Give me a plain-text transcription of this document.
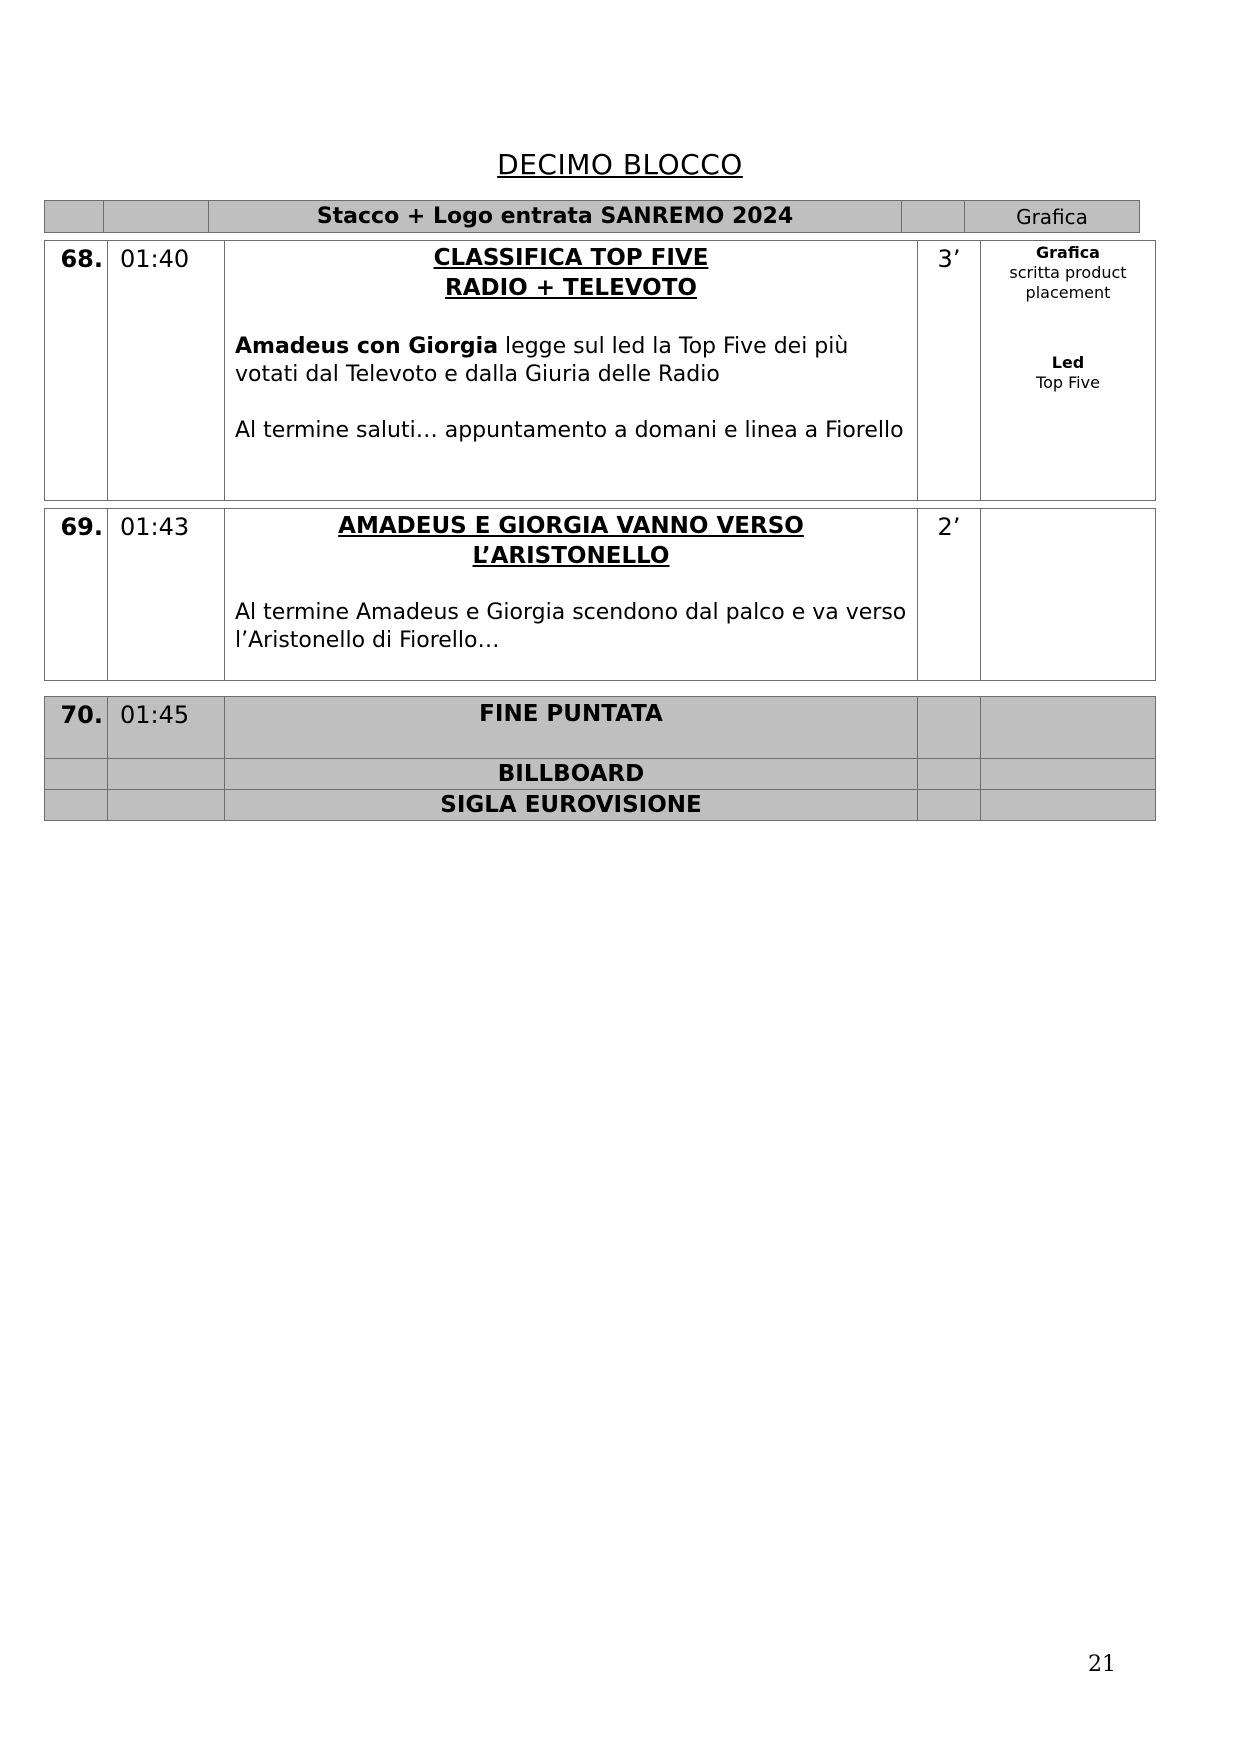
DECIMO BLOCCO
		Stacco + Logo entrata SANREMO 2024		Grafica
68.	01:40	CLASSIFICA TOP FIVE
RADIO + TELEVOTO
Amadeus con Giorgia legge sul led la Top Five dei più votati dal Televoto e dalla Giuria delle Radio
Al termine saluti… appuntamento a domani e linea a Fiorello
	3’	Grafica
scritta product placement
Led
Top Five
69.	01:43	AMADEUS E GIORGIA VANNO VERSO
L’ARISTONELLO
Al termine Amadeus e Giorgia scendono dal palco e va verso l’Aristonello di Fiorello…
	2’	
70.	01:45	FINE PUNTATA		
		BILLBOARD		
		SIGLA EUROVISIONE		
21
